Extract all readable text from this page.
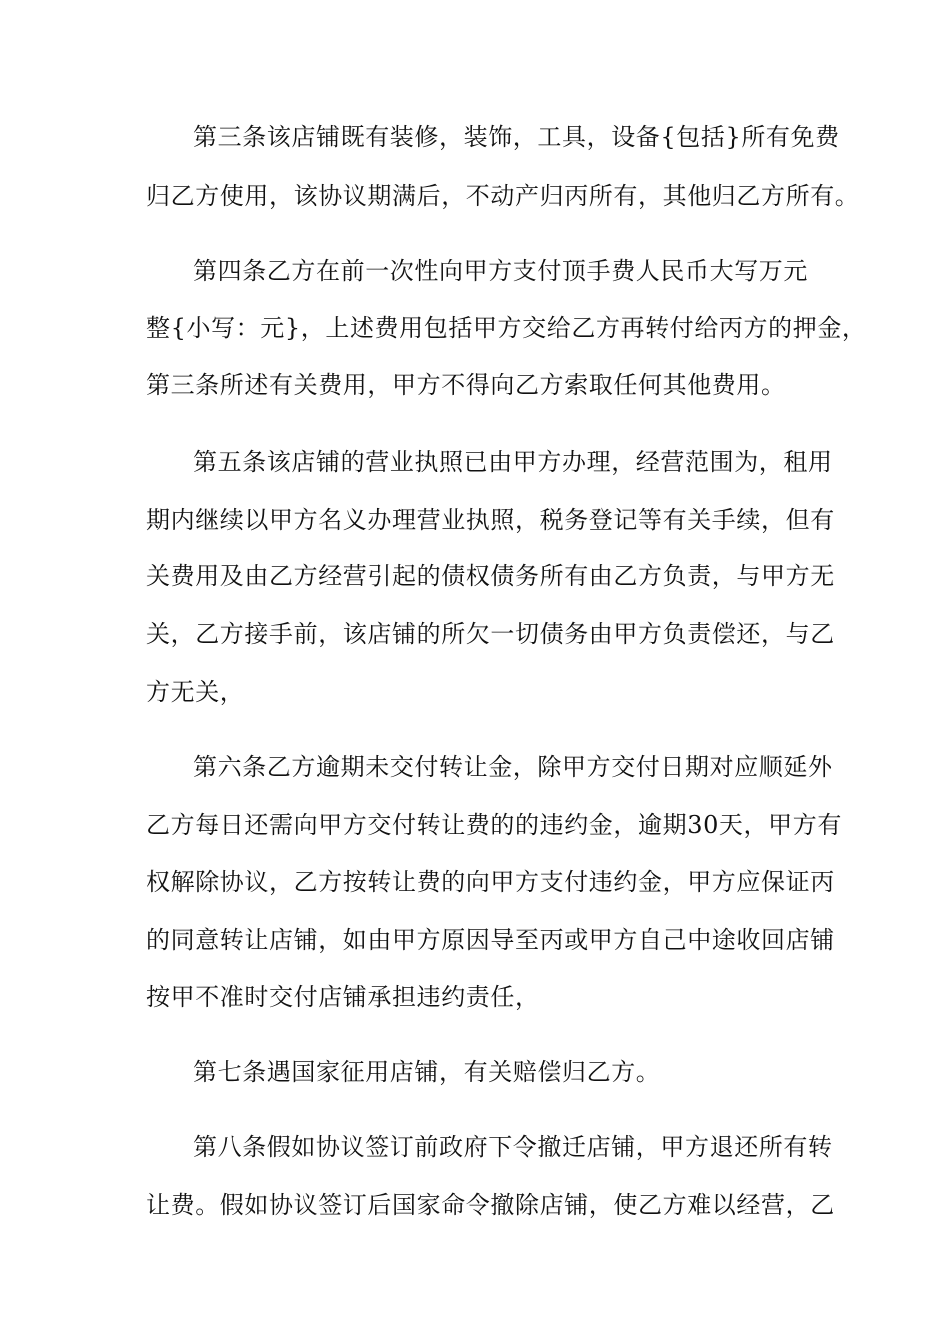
第三条该店铺既有装修，装饰，工具，设备{包括}所有免费
归乙方使用，该协议期满后，不动产归丙所有，其他归乙方所有。
第四条乙方在前一次性向甲方支付顶手费人民币大写万元
整{小写：元}，上述费用包括甲方交给乙方再转付给丙方的押金，
第三条所述有关费用，甲方不得向乙方索取任何其他费用。
第五条该店铺的营业执照已由甲方办理，经营范围为，租用
期内继续以甲方名义办理营业执照，税务登记等有关手续，但有
关费用及由乙方经营引起的债权债务所有由乙方负责，与甲方无
关，乙方接手前，该店铺的所欠一切债务由甲方负责偿还，与乙
方无关，
第六条乙方逾期未交付转让金，除甲方交付日期对应顺延外
乙方每日还需向甲方交付转让费的的违约金，逾期30天，甲方有
权解除协议，乙方按转让费的向甲方支付违约金，甲方应保证丙
的同意转让店铺，如由甲方原因导至丙或甲方自己中途收回店铺
按甲不准时交付店铺承担违约责任，
第七条遇国家征用店铺，有关赔偿归乙方。
第八条假如协议签订前政府下令撤迁店铺，甲方退还所有转
让费。假如协议签订后国家命令撤除店铺，使乙方难以经营，乙
